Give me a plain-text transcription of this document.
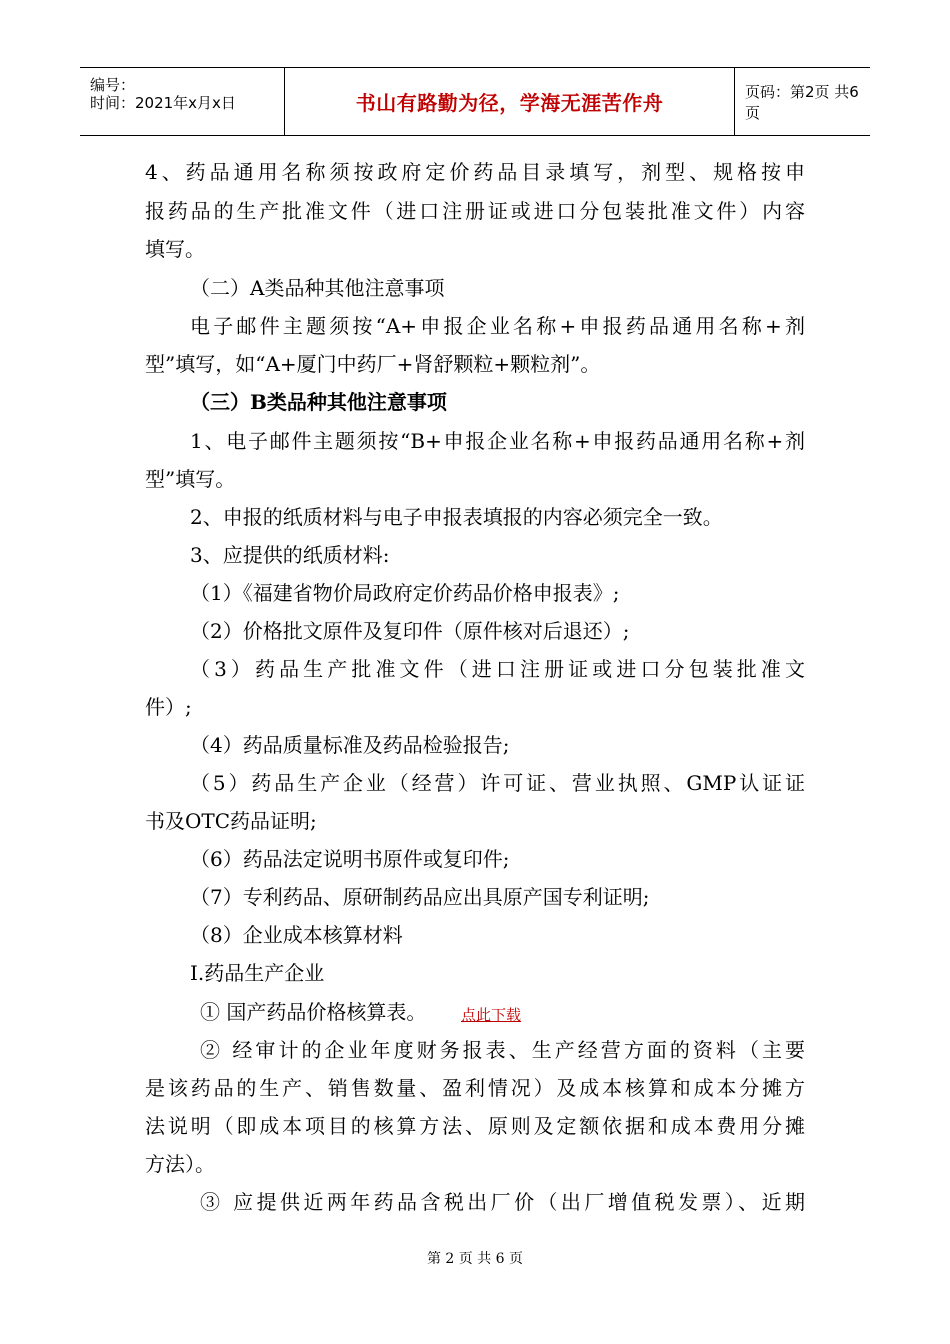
编号：
时间：2021年x月x日	书山有路勤为径，学海无涯苦作舟	页码：第2页 共6页
4、药品通用名称须按政府定价药品目录填写，剂型、规格按申
报药品的生产批准文件（进口注册证或进口分包装批准文件）内容
填写。
（二）A类品种其他注意事项
电子邮件主题须按“A+申报企业名称+申报药品通用名称+剂
型”填写，如“A+厦门中药厂+肾舒颗粒+颗粒剂”。
（三）B类品种其他注意事项
1、电子邮件主题须按“B+申报企业名称+申报药品通用名称+剂
型”填写。
2、申报的纸质材料与电子申报表填报的内容必须完全一致。
3、应提供的纸质材料:
（1）《福建省物价局政府定价药品价格申报表》;
（2）价格批文原件及复印件（原件核对后退还）;
（3）药品生产批准文件（进口注册证或进口分包装批准文
件）;
（4）药品质量标准及药品检验报告;
（5）药品生产企业（经营）许可证、营业执照、GMP认证证
书及OTC药品证明;
（6）药品法定说明书原件或复印件;
（7）专利药品、原研制药品应出具原产国专利证明;
（8）企业成本核算材料
I.药品生产企业
① 国产药品价格核算表。 点此下载
② 经审计的企业年度财务报表、生产经营方面的资料（主要
是该药品的生产、销售数量、盈利情况）及成本核算和成本分摊方
法说明（即成本项目的核算方法、原则及定额依据和成本费用分摊
方法）。
③ 应提供近两年药品含税出厂价（出厂增值税发票）、近期
第 2 页 共 6 页
